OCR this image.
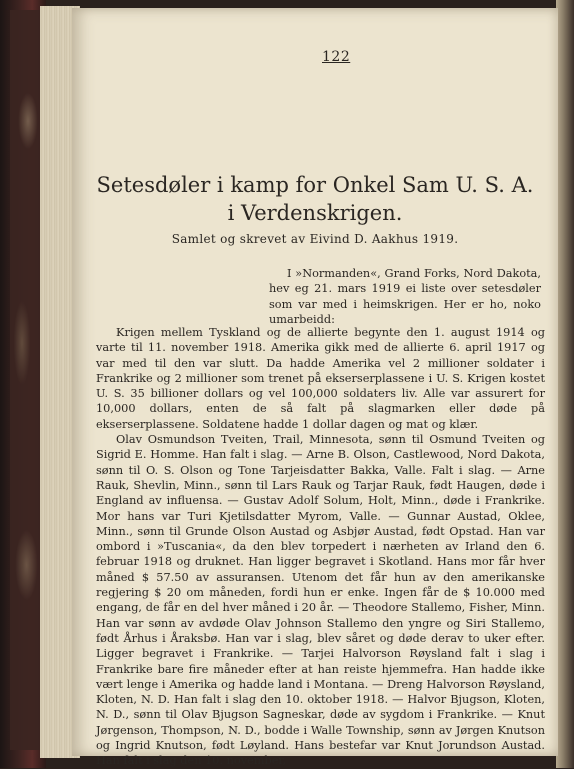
122
Setesdøler i kamp for Onkel Sam U. S. A.
i Verdenskrigen.
Samlet og skrevet av Eivind D. Aakhus 1919.

I »Normanden«, Grand Forks, Nord Dakota, hev eg 21. mars 1919 ei liste over setesdøler som var med i heimskrigen. Her er ho, noko umarbeidd:

Krigen mellem Tyskland og de allierte begynte den 1. august 1914 og varte til 11. november 1918. Amerika gikk med de allierte 6. april 1917 og var med til den var slutt. Da hadde Amerika vel 2 millioner soldater i Frankrike og 2 millioner som trenet på ekserserplassene i U. S. Krigen kostet U. S. 35 billioner dollars og vel 100,000 soldaters liv. Alle var assurert for 10,000 dollars, enten de så falt på slagmarken eller døde på ekserserplassene. Soldatene hadde 1 dollar dagen og mat og klær.

Olav Osmundson Tveiten, Trail, Minnesota, sønn til Osmund Tveiten og Sigrid E. Homme. Han falt i slag. — Arne B. Olson, Castlewood, Nord Dakota, sønn til O. S. Olson og Tone Tarjeisdatter Bakka, Valle. Falt i slag. — Arne Rauk, Shevlin, Minn., sønn til Lars Rauk og Tarjar Rauk, født Haugen, døde i England av influensa. — Gustav Adolf Solum, Holt, Minn., døde i Frankrike. Mor hans var Turi Kjetilsdatter Myrom, Valle. — Gunnar Austad, Oklee, Minn., sønn til Grunde Olson Austad og Asbjør Austad, født Opstad. Han var ombord i »Tuscania«, da den blev torpedert i nærheten av Irland den 6. februar 1918 og druknet. Han ligger begravet i Skotland. Hans mor får hver måned $ 57.50 av assuransen. Utenom det får hun av den amerikanske regjering $ 20 om måneden, fordi hun er enke. Ingen får de $ 10.000 med engang, de får en del hver måned i 20 år. — Theodore Stallemo, Fisher, Minn. Han var sønn av avdøde Olav Johnson Stallemo den yngre og Siri Stallemo, født Århus i Åraksbø. Han var i slag, blev såret og døde derav to uker efter. Ligger begravet i Frankrike. — Tarjei Halvorson Røysland falt i slag i Frankrike bare fire måneder efter at han reiste hjemmefra. Han hadde ikke vært lenge i Amerika og hadde land i Montana. — Dreng Halvorson Røysland, Kloten, N. D. Han falt i slag den 10. oktober 1918. — Halvor Bjugson, Kloten, N. D., sønn til Olav Bjugson Sagneskar, døde av sygdom i Frankrike. — Knut Jørgenson, Thompson, N. D., bodde i Walle Township, sønn av Jørgen Knutson og Ingrid Knutson, født Løyland. Hans bestefar var Knut Jorundson Austad. Han falt i slag den 10. november,
